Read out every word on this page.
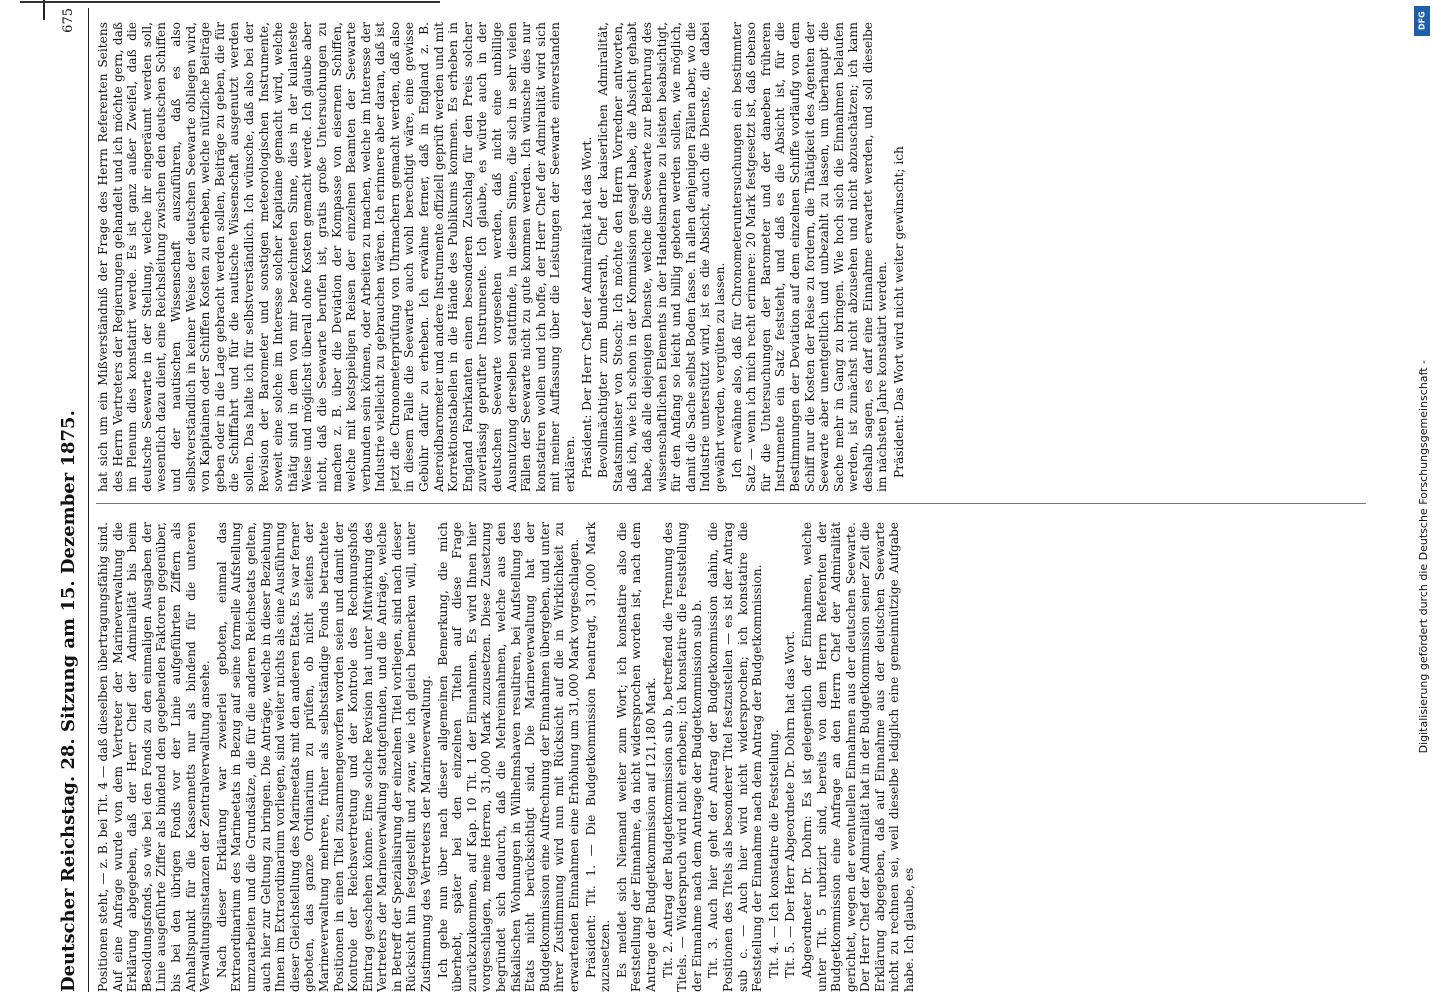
Deutscher Reichstag. 28. Sitzung am 15. Dezember 1875.
675

Positionen steht, — z. B. bei Tit. 4 — daß dieselben übertragungsfähig sind. Auf eine Anfrage wurde von dem Vertreter der Marineverwaltung die Erklärung abgegeben, daß der Herr Chef der Admiralität bis beim Besoldungsfonds, so wie bei den Fonds zu den einmaligen Ausgaben der Linie ausgeführte Ziffer als bindend den gegebenden Faktoren gegenüber, bis bei den übrigen Fonds vor der Linie aufgeführten Ziffern als Anhaltspunkt für die Kassennetts nur als bindend für die unteren Verwaltungsinstanzen der Zentralverwaltung ansehe. Nach dieser Erklärung war zweierlei geboten, einmal das Extraordinarium des Marineetats in Bezug auf seine formelle Aufstellung umzuarbeiten und die Grundsätze, die für die anderen Reichsetats gelten, auch hier zur Geltung zu bringen. Die Anträge, welche in dieser Beziehung Ihnen im Extraordinarium vorliegen, sind weiter nichts als eine Ausführung dieser Gleichstellung des Marineetats mit den anderen Etats. Es war ferner geboten, das ganze Ordinarium zu prüfen, ob nicht seitens der Marineverwaltung mehrere, früher als selbstständige Fonds betrachtete Positionen in einen Titel zusammengeworfen worden seien und damit der Kontrole der Reichsvertretung und der Kontrole des Rechnungshofs Eintrag geschehen könne. Eine solche Revision hat unter Mitwirkung des Vertreters der Marineverwaltung stattgefunden, und die Anträge, welche in Betreff der Spezialisirung der einzelnen Titel vorliegen, sind nach dieser Rücksicht hin festgestellt und zwar, wie ich gleich bemerken will, unter Zustimmung des Vertreters der Marineverwaltung. Ich gehe nun über nach dieser allgemeinen Bemerkung, die mich überhebt, später bei den einzelnen Titeln auf diese Frage zurückzukommen, auf Kap. 10 Tit. 1 der Einnahmen. Es wird Ihnen hier vorgeschlagen, meine Herren, 31,000 Mark zuzusetzen. Diese Zusetzung begründet sich dadurch, daß die Mehreinnahmen, welche aus den fiskalischen Wohnungen in Wilhelmshaven resultiren, bei Aufstellung des Etats nicht berücksichtigt sind. Die Marineverwaltung hat der Budgetkommission eine Aufrechnung der Einnahmen übergeben, und unter ihrer Zustimmung wird nun mit Rücksicht auf die in Wirklichkeit zu erwartenden Einnahmen eine Erhöhung um 31,000 Mark vorgeschlagen. Präsident: Tit. 1. — Die Budgetkommission beantragt, 31,000 Mark zuzusetzen. Es meldet sich Niemand weiter zum Wort; ich konstatire also die Feststellung der Einnahme, da nicht widersprochen worden ist, nach dem Antrage der Budgetkommission auf 121,180 Mark. Tit. 2. Antrag der Budgetkommission sub b, betreffend die Trennung des Titels. — Widerspruch wird nicht erhoben; ich konstatire die Feststellung der Einnahme nach dem Antrage der Budgetkommission sub b. Tit. 3. Auch hier geht der Antrag der Budgetkommission dahin, die Positionen des Titels als besonderer Titel festzustellen — es ist der Antrag sub c. — Auch hier wird nicht widersprochen; ich konstatire die Feststellung der Einnahme nach dem Antrag der Budgetkommission. Tit. 4. — Ich konstatire die Feststellung. Tit. 5. — Der Herr Abgeordnete Dr. Dohrn hat das Wort. Abgeordneter Dr. Dohrn: Es ist gelegentlich der Einnahmen, welche unter Tit. 5 rubrizirt sind, bereits von dem Herrn Referenten der Budgetkommission eine Anfrage an den Herrn Chef der Admiralität gerichtet, wegen der eventuellen Einnahmen aus der deutschen Seewarte. Der Herr Chef der Admiralität hat in der Budgetkommission seiner Zeit die Erklärung abgegeben, daß auf Einnahme aus der deutschen Seewarte nicht zu rechnen sei, weil dieselbe lediglich eine gemeinnützige Aufgabe habe. Ich glaube, es

hat sich um ein Mißverständniß der Frage des Herrn Referenten Seitens des Herrn Vertreters der Regierungen gehandelt und ich möchte gern, daß im Plenum dies konstatirt werde. Es ist ganz außer Zweifel, daß die deutsche Seewarte in der Stellung, welche ihr eingeräumt werden soll, wesentlich dazu dient, eine Reichsleitung zwischen den deutschen Schiffen und der nautischen Wissenschaft auszuführen, daß es also selbstverständlich in keiner Weise der deutschen Seewarte obliegen wird, von Kapitainen oder Schiffen Kosten zu erheben, welche nützliche Beiträge geben oder in die Lage gebracht werden sollen, Beiträge zu geben, die für die Schifffahrt und für die nautische Wissenschaft ausgenutzt werden sollen. Das halte ich für selbstverständlich. Ich wünsche, daß also bei der Revision der Barometer und sonstigen meteorologischen Instrumente, soweit eine solche im Interesse solcher Kapitaine gemacht wird, welche thätig sind in dem von mir bezeichneten Sinne, dies in der kulanteste Weise und möglichst überall ohne Kosten gemacht werde. Ich glaube aber nicht, daß die Seewarte berufen ist, gratis große Untersuchungen zu machen z. B. über die Deviation der Kompasse von eisernen Schiffen, welche mit kostspieligen Reisen der einzelnen Beamten der Seewarte verbunden sein können, oder Arbeiten zu machen, welche im Interesse der Industrie vielleicht zu gebrauchen wären. Ich erinnere aber daran, daß ist jetzt die Chronometerprüfung von Uhrmachern gemacht werden, daß also in diesem Falle die Seewarte auch wohl berechtigt wäre, eine gewisse Gebühr dafür zu erheben. Ich erwähne ferner, daß in England z. B. Aneroidbarometer und andere Instrumente offiziell geprüft werden und mit Korrektionstabellen in die Hände des Publikums kommen. Es erheben in England Fabrikanten einen besonderen Zuschlag für den Preis solcher zuverlässig geprüfter Instrumente. Ich glaube, es würde auch in der deutschen Seewarte vorgesehen werden, daß nicht eine unbillige Ausnutzung derselben stattfinde, in diesem Sinne, die sich in sehr vielen Fällen der Seewarte nicht zu gute kommen werden. Ich wünsche dies nur konstatiren wollen und ich hoffe, der Herr Chef der Admiralität wird sich mit meiner Auffassung über die Leistungen der Seewarte einverstanden erklären. Präsident: Der Herr Chef der Admiralität hat das Wort. Bevollmächtigter zum Bundesrath, Chef der kaiserlichen Admiralität, Staatsminister von Stosch: Ich möchte den Herrn Vorredner antworten, daß ich, wie ich schon in der Kommission gesagt habe, die Absicht gehabt habe, daß alle diejenigen Dienste, welche die Seewarte zur Belehrung des wissenschaftlichen Elements in der Handelsmarine zu leisten beabsichtigt, für den Anfang so leicht und billig geboten werden sollen, wie möglich, damit die Sache selbst Boden fasse. In allen denjenigen Fällen aber, wo die Industrie unterstützt wird, ist es die Absicht, auch die Dienste, die dabei gewährt werden, vergüten zu lassen. Ich erwähne also, daß für Chronometeruntersuchungen ein bestimmter Satz — wenn ich mich recht erinnere: 20 Mark festgesetzt ist, daß ebenso für die Untersuchungen der Barometer und der daneben früheren Instrumente ein Satz feststeht, und daß es die Absicht ist, für die Bestimmungen der Deviation auf dem einzelnen Schiffe vorläufig von dem Schiff nur die Kosten der Reise zu fordern, die Thätigkeit des Agenten der Seewarte aber unentgeltlich und unbezahlt zu lassen, um überhaupt die Sache mehr in Gang zu bringen. Wie hoch sich die Einnahmen belaufen werden, ist zunächst nicht abzusehen und nicht abzuschätzen; ich kann deshalb sagen, es darf eine Einnahme erwartet werden, und soll dieselbe im nächsten Jahre konstatirt werden. Präsident: Das Wort wird nicht weiter gewünscht; ich

DFG
Digitalisierung gefördert durch die Deutsche Forschungsgemeinschaft -
